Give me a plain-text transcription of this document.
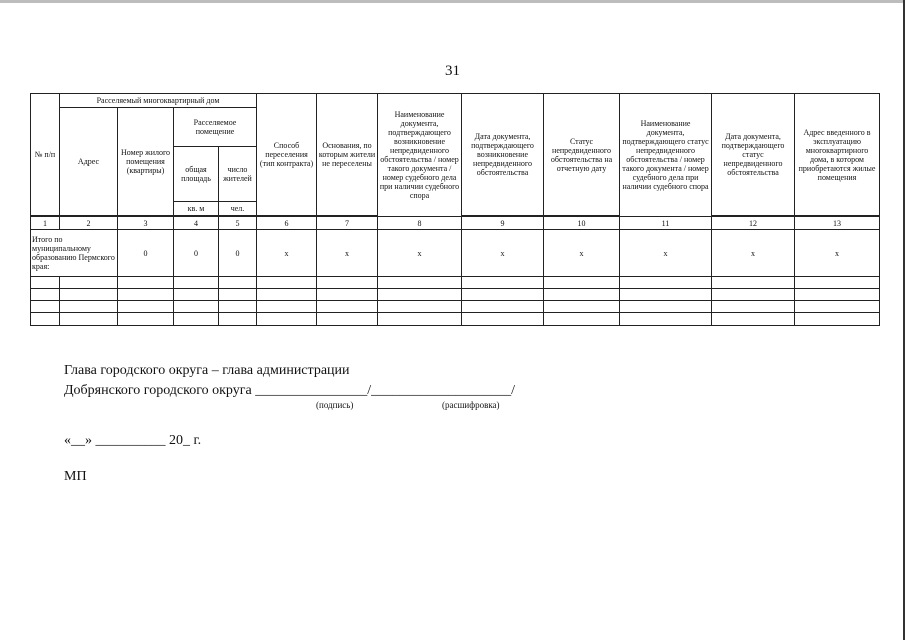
31
№ п/п	Расселяемый многоквартирный дом				Способ переселения (тип контракта)	Основания, по которым жители не переселены	Наименование документа, подтверждающего возникновение непредвиденного обстоятельства / номер такого документа / номер судебного дела при наличии судебного спора	Дата документа, подтверждающего возникновение непредвиденного обстоятельства	Статус непредвиденного обстоятельства на отчетную дату	Наименование документа, подтверждающего статус непредвиденного обстоятельства / номер такого документа / номер судебного дела при наличии судебного спора	Дата документа, подтверждающего статус непредвиденного обстоятельства	Адрес введенного в эксплуатацию многоквартирного дома, в котором приобретаются жилые помещения
	Адрес	Номер жилого помещения (квартиры)	Расселяемое помещение									
			общая площадь	число жителей								
			кв. м	чел.								

1	2	3	4	5	6	7	8	9	10	11	12	13
Итого по муниципальному образованию Пермского края:		0	0	0	x	x	x	x	x	x	x	x

Глава городского округа – глава администрации
Добрянского городского округа ________________/____________________/
(подпись)	(расшифровка)
«__» __________ 20_ г.
МП
